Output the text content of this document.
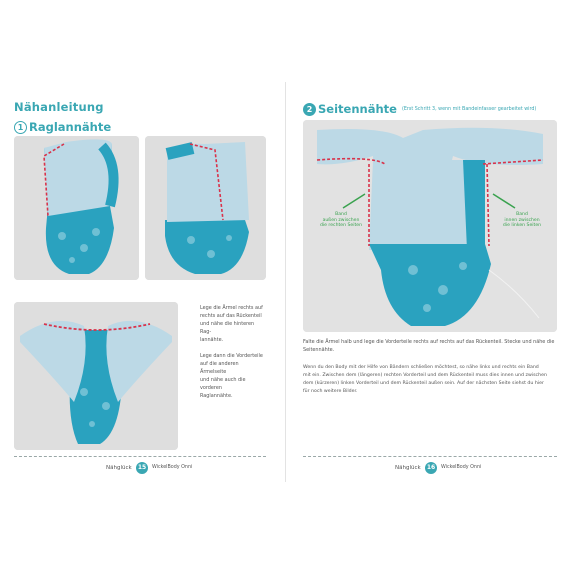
Nähanleitung
1 Raglannähte
Lege die Ärmel rechts auf
rechts auf das Rückenteil
und nähe die hinteren Rag-
lannähte.
Lege dann die Vorderteile
auf die anderen Ärmelseite
und nähe auch die vorderen
Raglannähte.
Nähglück	15	WickelBody Onni
2 Seitennähte (Erst Schritt 3, wenn mit Bandeinfasser gearbeitet wird)
Band
außen zwischen
die rechten Seiten
Band
innen zwischen
die linken Seiten
Falte die Ärmel halb und lege die Vorderteile rechts auf rechts auf das Rückenteil. Stecke und nähe die
Seitennähte.
Wenn du den Body mit der Hilfe von Bändern schließen möchtest, so nähe links und rechts ein Band
mit ein. Zwischen dem (längeren) rechten Vorderteil und dem Rückenteil muss dies innen und zwischen
dem (kürzeren) linken Vorderteil und dem Rückenteil außen sein. Auf der nächsten Seite siehst du hier
für noch weitere Bilder.
Nähglück	16	WickelBody Onni
